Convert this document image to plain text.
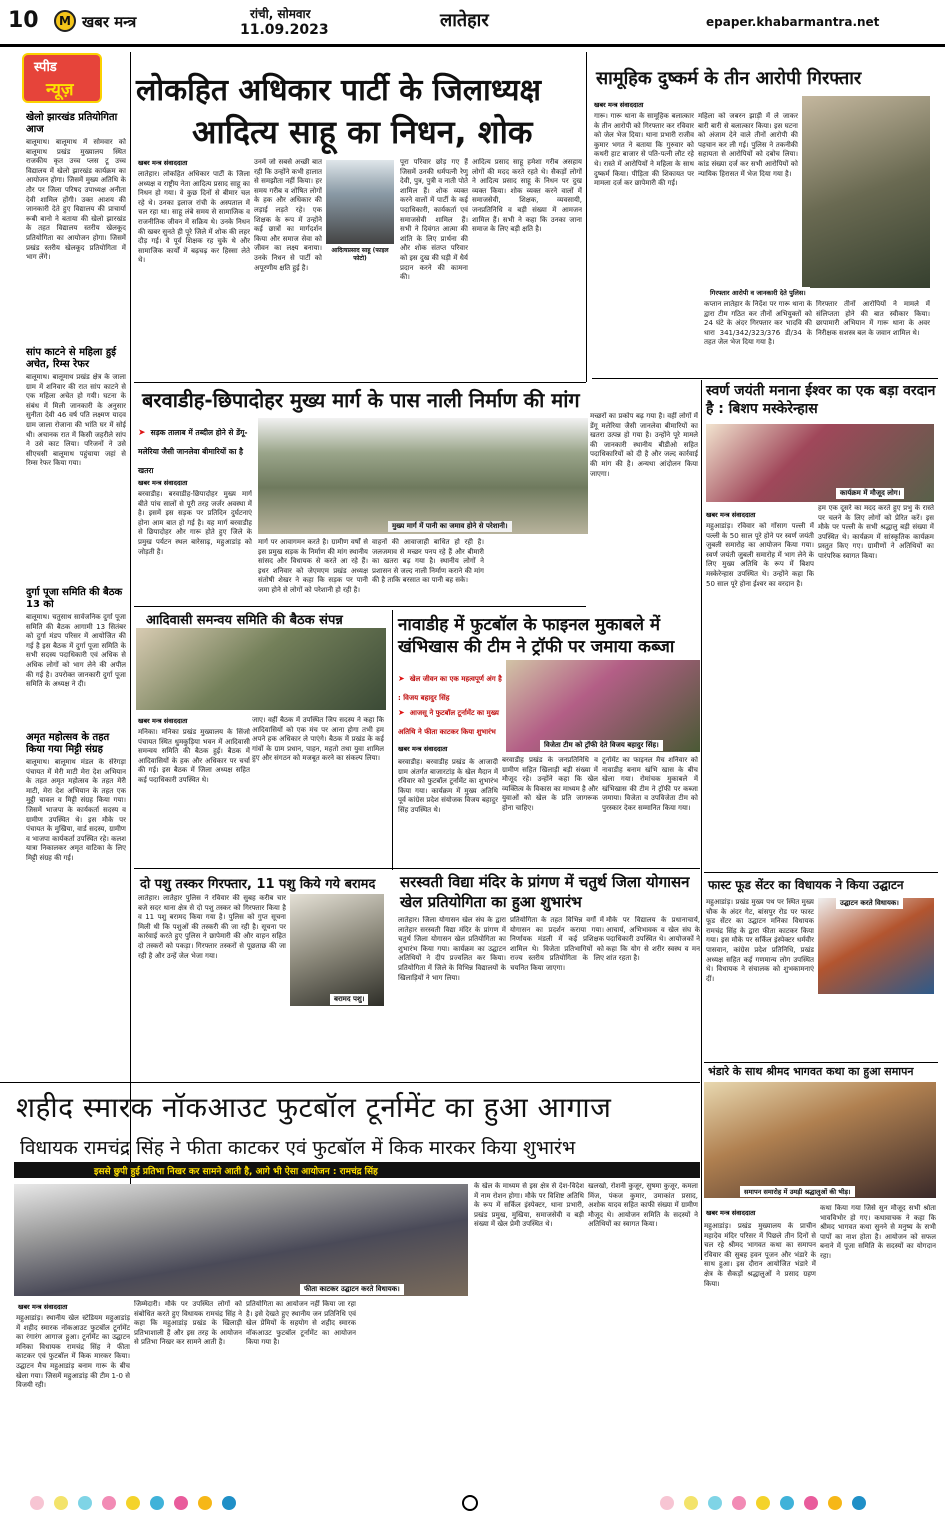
10	M खबर मन्त्र	रांची, सोमवार
11.09.2023	लातेहार	epaper.khabarmantra.net
स्पीड
न्यूज़
खेलो झारखंड प्रतियोगिता आज
बालूमाथ। बालूमाथ में सोमवार को बालूमाथ प्रखंड मुख्यालय स्थित राजकीय कृत उच्च प्लस टू उच्च विद्यालय में खेलो झारखंड कार्यक्रम का आयोजन होगा। जिसमें मुख्य अतिथि के तौर पर जिला परिषद उपाध्यक्ष अनीता देवी शामिल होंगी। उक्त आशय की जानकारी देते हुए विद्यालय की प्राचार्या रूबी बानो ने बताया की खेलो झारखंड के तहत विद्यालय स्तरीय खेलकूद प्रतियोगिता का आयोजन होगा। जिसमें प्रखंड स्तरीय खेलकूद प्रतियोगिता में भाग लेंगे।
सांप काटने से महिला हुई अचेत, रिम्स रेफर
बालूमाथ। बालूमाथ प्रखंड क्षेत्र के जाला ग्राम में शनिवार की रात सांप काटने से एक महिला अचेत हो गयी। घटना के संबंध में मिली जानकारी के अनुसार सुनीता देवी 46 वर्ष पति लक्ष्मण यादव ग्राम जाला रोजाना की भांति घर में सोई थी। अचानक रात में किसी जहरीले सांप ने उसे काट लिया। परिजनों ने उसे सीएचसी बालूमाथ पहुंचाया जहां से रिम्स रेफर किया गया।
दुर्गा पूजा समिति की बैठक 13 को
बालूमाथ। चतुसाथ सार्वजनिक दुर्गा पूजा समिति की बैठक आगामी 13 सितंबर को दुर्गा मंडप परिसर में आयोजित की गई है इस बैठक में दुर्गा पूजा समिति के सभी सदस्य पदाधिकारी एवं अधिक से अधिक लोगों को भाग लेने की अपील की गई है। उपरोक्त जानकारी दुर्गा पूजा समिति के अध्यक्ष ने दी।
अमृत महोत्सव के तहत किया गया मिट्टी संग्रह
बालूमाथ। बालूमाथ मंडल के सेरेगड़ा पंचायत में मेरी माटी मेरा देश अभियान के तहत अमृत महोत्सव के तहत मेरी माटी, मेरा देश अभियान के तहत एक मुट्ठी चावल व मिट्टी संग्रह किया गया। जिसमें भाजपा के कार्यकर्ता सदस्य व ग्रामीण उपस्थित थे। इस मौके पर पंचायत के मुखिया, वार्ड सदस्य, ग्रामीण व भाजपा कार्यकर्ता उपस्थित रहे। कलश यात्रा निकालकर अमृत वाटिका के लिए मिट्टी संग्रह की गई।
लोकहित अधिकार पार्टी के जिलाध्यक्ष
आदित्य साहू का निधन, शोक
खबर मन्त्र संवाददाता
लातेहार। लोकहित अधिकार पार्टी के जिला अध्यक्ष व राष्ट्रीय नेता आदित्य प्रसाद साहू का निधन हो गया। वे कुछ दिनों से बीमार चल रहे थे। उनका इलाज रांची के अस्पताल में चल रहा था। साहू लंबे समय से सामाजिक व राजनीतिक जीवन में सक्रिय थे। उनके निधन की खबर सुनते ही पूरे जिले में शोक की लहर दौड़ गई। वे पूर्व शिक्षक रह चुके थे और सामाजिक कार्यों में बढ़चढ़ कर हिस्सा लेते थे।
उनमें जो सबसे अच्छी बात रही कि उन्होंने कभी हालात से समझौता नहीं किया। हर समय गरीब व शोषित लोगों के हक और अधिकार की लड़ाई लड़ते रहे। एक शिक्षक के रूप में उन्होंने कई छात्रों का मार्गदर्शन किया और समाज सेवा को जीवन का लक्ष्य बनाया। उनके निधन से पार्टी को अपूरणीय क्षति हुई है।
आदित्यप्रसाद साहू (फाइल फोटो)
पूरा परिवार छोड़ गए हैं जिसमें उनकी धर्मपत्नी रेणु देवी, पुत्र, पुत्री व नाती पोते शामिल हैं। शोक व्यक्त करने वालों में पार्टी के कई पदाधिकारी, कार्यकर्ता एवं समाजसेवी शामिल हैं। सभी ने दिवंगत आत्मा की शांति के लिए प्रार्थना की और शोक संतप्त परिवार को इस दुख की घड़ी में धैर्य प्रदान करने की कामना की।
आदित्य प्रसाद साहू हमेशा गरीब असहाय लोगों की मदद करते रहते थे। सैकड़ों लोगों ने आदित्य प्रसाद साहू के निधन पर दुख व्यक्त किया। शोक व्यक्त करने वालों में समाजसेवी, शिक्षक, व्यवसायी, जनप्रतिनिधि व बड़ी संख्या में आमजन शामिल हैं। सभी ने कहा कि उनका जाना समाज के लिए बड़ी क्षति है।
सामूहिक दुष्कर्म के तीन आरोपी गिरफ्तार
खबर मन्त्र संवाददाता
गारू। गारू थाना के सामूहिक बलात्कार के तीन आरोपी को गिरफ्तार कर रविवार को जेल भेज दिया। थाना प्रभारी राजीव कुमार भगत ने बताया कि गुरुवार को कथरी हाट बाजार से पति-पत्नी लौट रहे थे। रास्ते में आरोपियों ने महिला के साथ दुष्कर्म किया। पीड़िता की शिकायत पर मामला दर्ज कर छापेमारी की गई।
महिला को जबरन झाड़ी में ले जाकर बारी बारी से बलात्कार किया। इस घटना को अंजाम देने वाले तीनों आरोपी की पहचान कर ली गई। पुलिस ने तकनीकी सहायता से आरोपियों को दबोच लिया। कांड संख्या दर्ज कर सभी आरोपियों को न्यायिक हिरासत में भेज दिया गया है।
गिरफ्तार आरोपी व जानकारी देते पुलिस।
कप्तान लातेहार के निर्देश पर गारू थाना के द्वारा टीम गठित कर तीनों अभियुक्तों को 24 घंटे के अंदर गिरफ्तार कर भादवि की धारा 341/342/323/376 डी/34 के तहत जेल भेज दिया गया है।
गिरफ्तार तीनों आरोपियों ने मामले में संलिप्तता होने की बात स्वीकार किया। छापामारी अभियान में गारू थाना के अवर निरीक्षक सशस्त्र बल के जवान शामिल थे।
बरवाडीह-छिपादोहर मुख्य मार्ग के पास नाली निर्माण की मांग
मुख्य मार्ग में पानी का जमाव होने से परेशानी।
➤ सड़क तालाब में तब्दील होने से डेंगू-मलेरिया जैसी जानलेवा बीमारियों का है खतरा
खबर मन्त्र संवाददाता
बरवाडीह। बरवाडीह-छिपादोहर मुख्य मार्ग बीते पांच सालों से पूरी तरह जर्जर अवस्था में है। इसमें इस सड़क पर प्रतिदिन दुर्घटनाएं होना आम बात हो गई है। यह मार्ग बरवाडीह से छिपादोहर और गारू होते हुए जिले के प्रमुख पर्यटन स्थल बारेसाढ़, महुआडांड़ को जोड़ती है।
मार्ग पर आवागमन करते है। ग्रामीण वर्षों से इस प्रमुख सड़क के निर्माण की मांग स्थानीय सांसद और विधायक से करते आ रहे हैं। इधर शनिवार को जेएमएम प्रखंड अध्यक्ष संतोषी शेखर ने कहा कि सड़क पर पानी जमा होने से लोगों को परेशानी हो रही है।
वाहनों की आवाजाही बाधित हो रही है। जलजमाव से मच्छर पनप रहे हैं और बीमारी का खतरा बढ़ गया है। स्थानीय लोगों ने प्रशासन से जल्द नाली निर्माण कराने की मांग की है ताकि बरसात का पानी बह सके।
मच्छरों का प्रकोप बढ़ गया है। वहीं लोगों में डेंगू मलेरिया जैसी जानलेवा बीमारियों का खतरा उत्पन्न हो गया है। उन्होंने पूरे मामले की जानकारी स्थानीय बीडीओ सहित पदाधिकारियों को दी है और जल्द कार्रवाई की मांग की है। अन्यथा आंदोलन किया जाएगा।
स्वर्ण जयंती मनाना ईश्वर का एक बड़ा वरदान है : बिशप मस्केरेन्हास
कार्यक्रम में मौजूद लोग।
खबर मन्त्र संवाददाता
महुआडांड़। रविवार को गोंसाग पल्ली में पल्ली के 50 साल पूरे होने पर स्वर्ण जयंती जुबली समारोह का आयोजन किया गया। स्वर्ण जयंती जुबली समारोह में भाग लेने के लिए मुख्य अतिथि के रूप में बिशप मस्केरेन्हास उपस्थित थे। उन्होंने कहा कि 50 साल पूरे होना ईश्वर का वरदान है।
हम एक दूसरे का मदद करते हुए प्रभु के रास्ते पर चलने के लिए लोगों को प्रेरित करें। इस मौके पर पल्ली के सभी श्रद्धालु बड़ी संख्या में उपस्थित थे। कार्यक्रम में सांस्कृतिक कार्यक्रम प्रस्तुत किए गए। ग्रामीणों ने अतिथियों का पारंपरिक स्वागत किया।
आदिवासी समन्वय समिति की बैठक संपन्न
खबर मन्त्र संवाददाता
मनिका। मनिका प्रखंड मुख्यालय के सिंजो पंचायत स्थित धुमकुड़िया भवन में आदिवासी समन्वय समिति की बैठक हुई। बैठक में आदिवासियों के हक और अधिकार पर चर्चा की गई। इस बैठक में जिला अध्यक्ष सहित कई पदाधिकारी उपस्थित थे।
जाए। वहीं बैठक में उपस्थित जिप सदस्य ने कहा कि आदिवासियों को एक मंच पर आना होगा तभी हम अपने हक अधिकार ले पाएंगे। बैठक में प्रखंड के कई गांवों के ग्राम प्रधान, पाहन, महतो तथा युवा शामिल हुए और संगठन को मजबूत करने का संकल्प लिया।
नावाडीह में फुटबॉल के फाइनल मुकाबले में खंभिखास की टीम ने ट्रॉफी पर जमाया कब्जा
➤ खेल जीवन का एक महत्वपूर्ण अंग है : विजय बहादुर सिंह
➤ आजसू ने फुटबॉल टूर्नामेंट का मुख्य अतिथि ने फीता काटकर किया शुभारंभ
विजेता टीम को ट्रॉफी देते विजय बहादुर सिंह।
खबर मन्त्र संवाददाता
बरवाडीह। बरवाडीह प्रखंड के आजादी ग्राम अंतर्गत बाजारटांड़ के खेल मैदान में रविवार को फुटबॉल टूर्नामेंट का शुभारंभ किया गया। कार्यक्रम में मुख्य अतिथि पूर्व कांग्रेस प्रदेश संयोजक विजय बहादुर सिंह उपस्थित थे।
बरवाडीह प्रखंड के जनप्रतिनिधि व ग्रामीण सहित खिलाड़ी बड़ी संख्या में मौजूद रहे। उन्होंने कहा कि खेल व्यक्तित्व के विकास का माध्यम है और युवाओं को खेल के प्रति जागरूक होना चाहिए।
टूर्नामेंट का फाइनल मैच शनिवार को नावाडीह बनाम खंभि खास के बीच खेला गया। रोमांचक मुकाबले में खंभिखास की टीम ने ट्रॉफी पर कब्जा जमाया। विजेता व उपविजेता टीम को पुरस्कार देकर सम्मानित किया गया।
दो पशु तस्कर गिरफ्तार, 11 पशु किये गये बरामद
बरामद पशु।
लातेहार। लातेहार पुलिस ने रविवार की सुबह करीब चार बजे सदर थाना क्षेत्र से दो पशु तस्कर को गिरफ्तार किया है व 11 पशु बरामद किया गया है। पुलिस को गुप्त सूचना मिली थी कि पशुओं की तस्करी की जा रही है। सूचना पर कार्रवाई करते हुए पुलिस ने छापेमारी की और वाहन सहित दो तस्करों को पकड़ा। गिरफ्तार तस्करों से पूछताछ की जा रही है और उन्हें जेल भेजा गया।
सरस्वती विद्या मंदिर के प्रांगण में चतुर्थ जिला योगासन खेल प्रतियोगिता का हुआ शुभारंभ
लातेहार। जिला योगासन खेल संघ के द्वारा लातेहार सरस्वती विद्या मंदिर के प्रांगण में चतुर्थ जिला योगासन खेल प्रतियोगिता का शुभारंभ किया गया। कार्यक्रम का उद्घाटन अतिथियों ने दीप प्रज्वलित कर किया। प्रतियोगिता में जिले के विभिन्न विद्यालयों के खिलाड़ियों ने भाग लिया।
प्रतियोगिता के तहत विभिन्न वर्गों में योगासन का प्रदर्शन कराया गया। निर्णायक मंडली में कई प्रशिक्षक शामिल थे। विजेता प्रतिभागियों को राज्य स्तरीय प्रतियोगिता के लिए चयनित किया जाएगा।
मौके पर विद्यालय के प्रधानाचार्य, आचार्य, अभिभावक व खेल संघ के पदाधिकारी उपस्थित थे। आयोजकों ने कहा कि योग से शरीर स्वस्थ व मन शांत रहता है।
फास्ट फूड सेंटर का विधायक ने किया उद्घाटन
उद्घाटन करते विधायक।
महुआडांड़। प्रखंड मुख्य पथ पर स्थित मुख्य चौक के अंदर गेट, बांसपुर रोड पर फास्ट फूड सेंटर का उद्घाटन मनिका विधायक रामचंद्र सिंह के द्वारा फीता काटकर किया गया। इस मौके पर सर्किल इंस्पेक्टर धर्मवीर पासवान, कांग्रेस प्रदेश प्रतिनिधि, प्रखंड अध्यक्ष सहित कई गणमान्य लोग उपस्थित थे। विधायक ने संचालक को शुभकामनाएं दीं।
भंडारे के साथ श्रीमद भागवत कथा का हुआ समापन
समापन समारोह में उमड़ी श्रद्धालुओं की भीड़।
खबर मन्त्र संवाददाता
महुआडांड़। प्रखंड मुख्यालय के प्राचीन महादेव मंदिर परिसर में पिछले तीन दिनों से चल रहे श्रीमद भागवत कथा का समापन रविवार की सुबह हवन पूजन और भंडारे के साथ हुआ। इस दौरान आयोजित भंडारे में क्षेत्र के सैकड़ों श्रद्धालुओं ने प्रसाद ग्रहण किया।
कथा किया गया जिसे सुन मौजूद सभी श्रोता भावविभोर हो गए। कथावाचक ने कहा कि श्रीमद भागवत कथा सुनने से मनुष्य के सभी पापों का नाश होता है। आयोजन को सफल बनाने में पूजा समिति के सदस्यों का योगदान रहा।
शहीद स्मारक नॉकआउट फुटबॉल टूर्नामेंट का हुआ आगाज
विधायक रामचंद्र सिंह ने फीता काटकर एवं फुटबॉल में किक मारकर किया शुभारंभ
इससे छुपी हुई प्रतिभा निखर कर सामने आती है, आगे भी ऐसा आयोजन : रामचंद्र सिंह
फीता काटकर उद्घाटन करते विधायक।
खबर मन्त्र संवाददाता
महुआडांड़। स्थानीय खेल स्टेडियम महुआडांड़ में शहीद स्मारक नॉकआउट फुटबॉल टूर्नामेंट का रंगारंग आगाज हुआ। टूर्नामेंट का उद्घाटन मनिका विधायक रामचंद्र सिंह ने फीता काटकर एवं फुटबॉल में किक मारकर किया। उद्घाटन मैच महुआडांड़ बनाम गारू के बीच खेला गया। जिसमें महुआडांड़ की टीम 1-0 से विजयी रही।
जिम्मेदारी। मौके पर उपस्थित लोगों को संबोधित करते हुए विधायक रामचंद्र सिंह ने कहा कि महुआडांड़ प्रखंड के खिलाड़ी प्रतिभाशाली हैं और इस तरह के आयोजन से प्रतिभा निखर कर सामने आती है।
प्रतियोगिता का आयोजन नहीं किया जा रहा है। इसे देखते हुए स्थानीय जन प्रतिनिधि एवं खेल प्रेमियों के सहयोग से शहीद स्मारक नॉकआउट फुटबॉल टूर्नामेंट का आयोजन किया गया है।
के खेल के माध्यम से इस क्षेत्र से देश-विदेश में नाम रोशन होगा। मौके पर विशिष्ट अतिथि के रूप में सर्किल इंस्पेक्टर, थाना प्रभारी, प्रखंड प्रमुख, मुखिया, समाजसेवी व बड़ी संख्या में खेल प्रेमी उपस्थित थे।
खलखो, रोशनी कुजूर, सुषमा कुजूर, कमला मिंज, पंकज कुमार, उमाकांत प्रसाद, अशोक यादव सहित काफी संख्या में ग्रामीण मौजूद थे। आयोजन समिति के सदस्यों ने अतिथियों का स्वागत किया।
